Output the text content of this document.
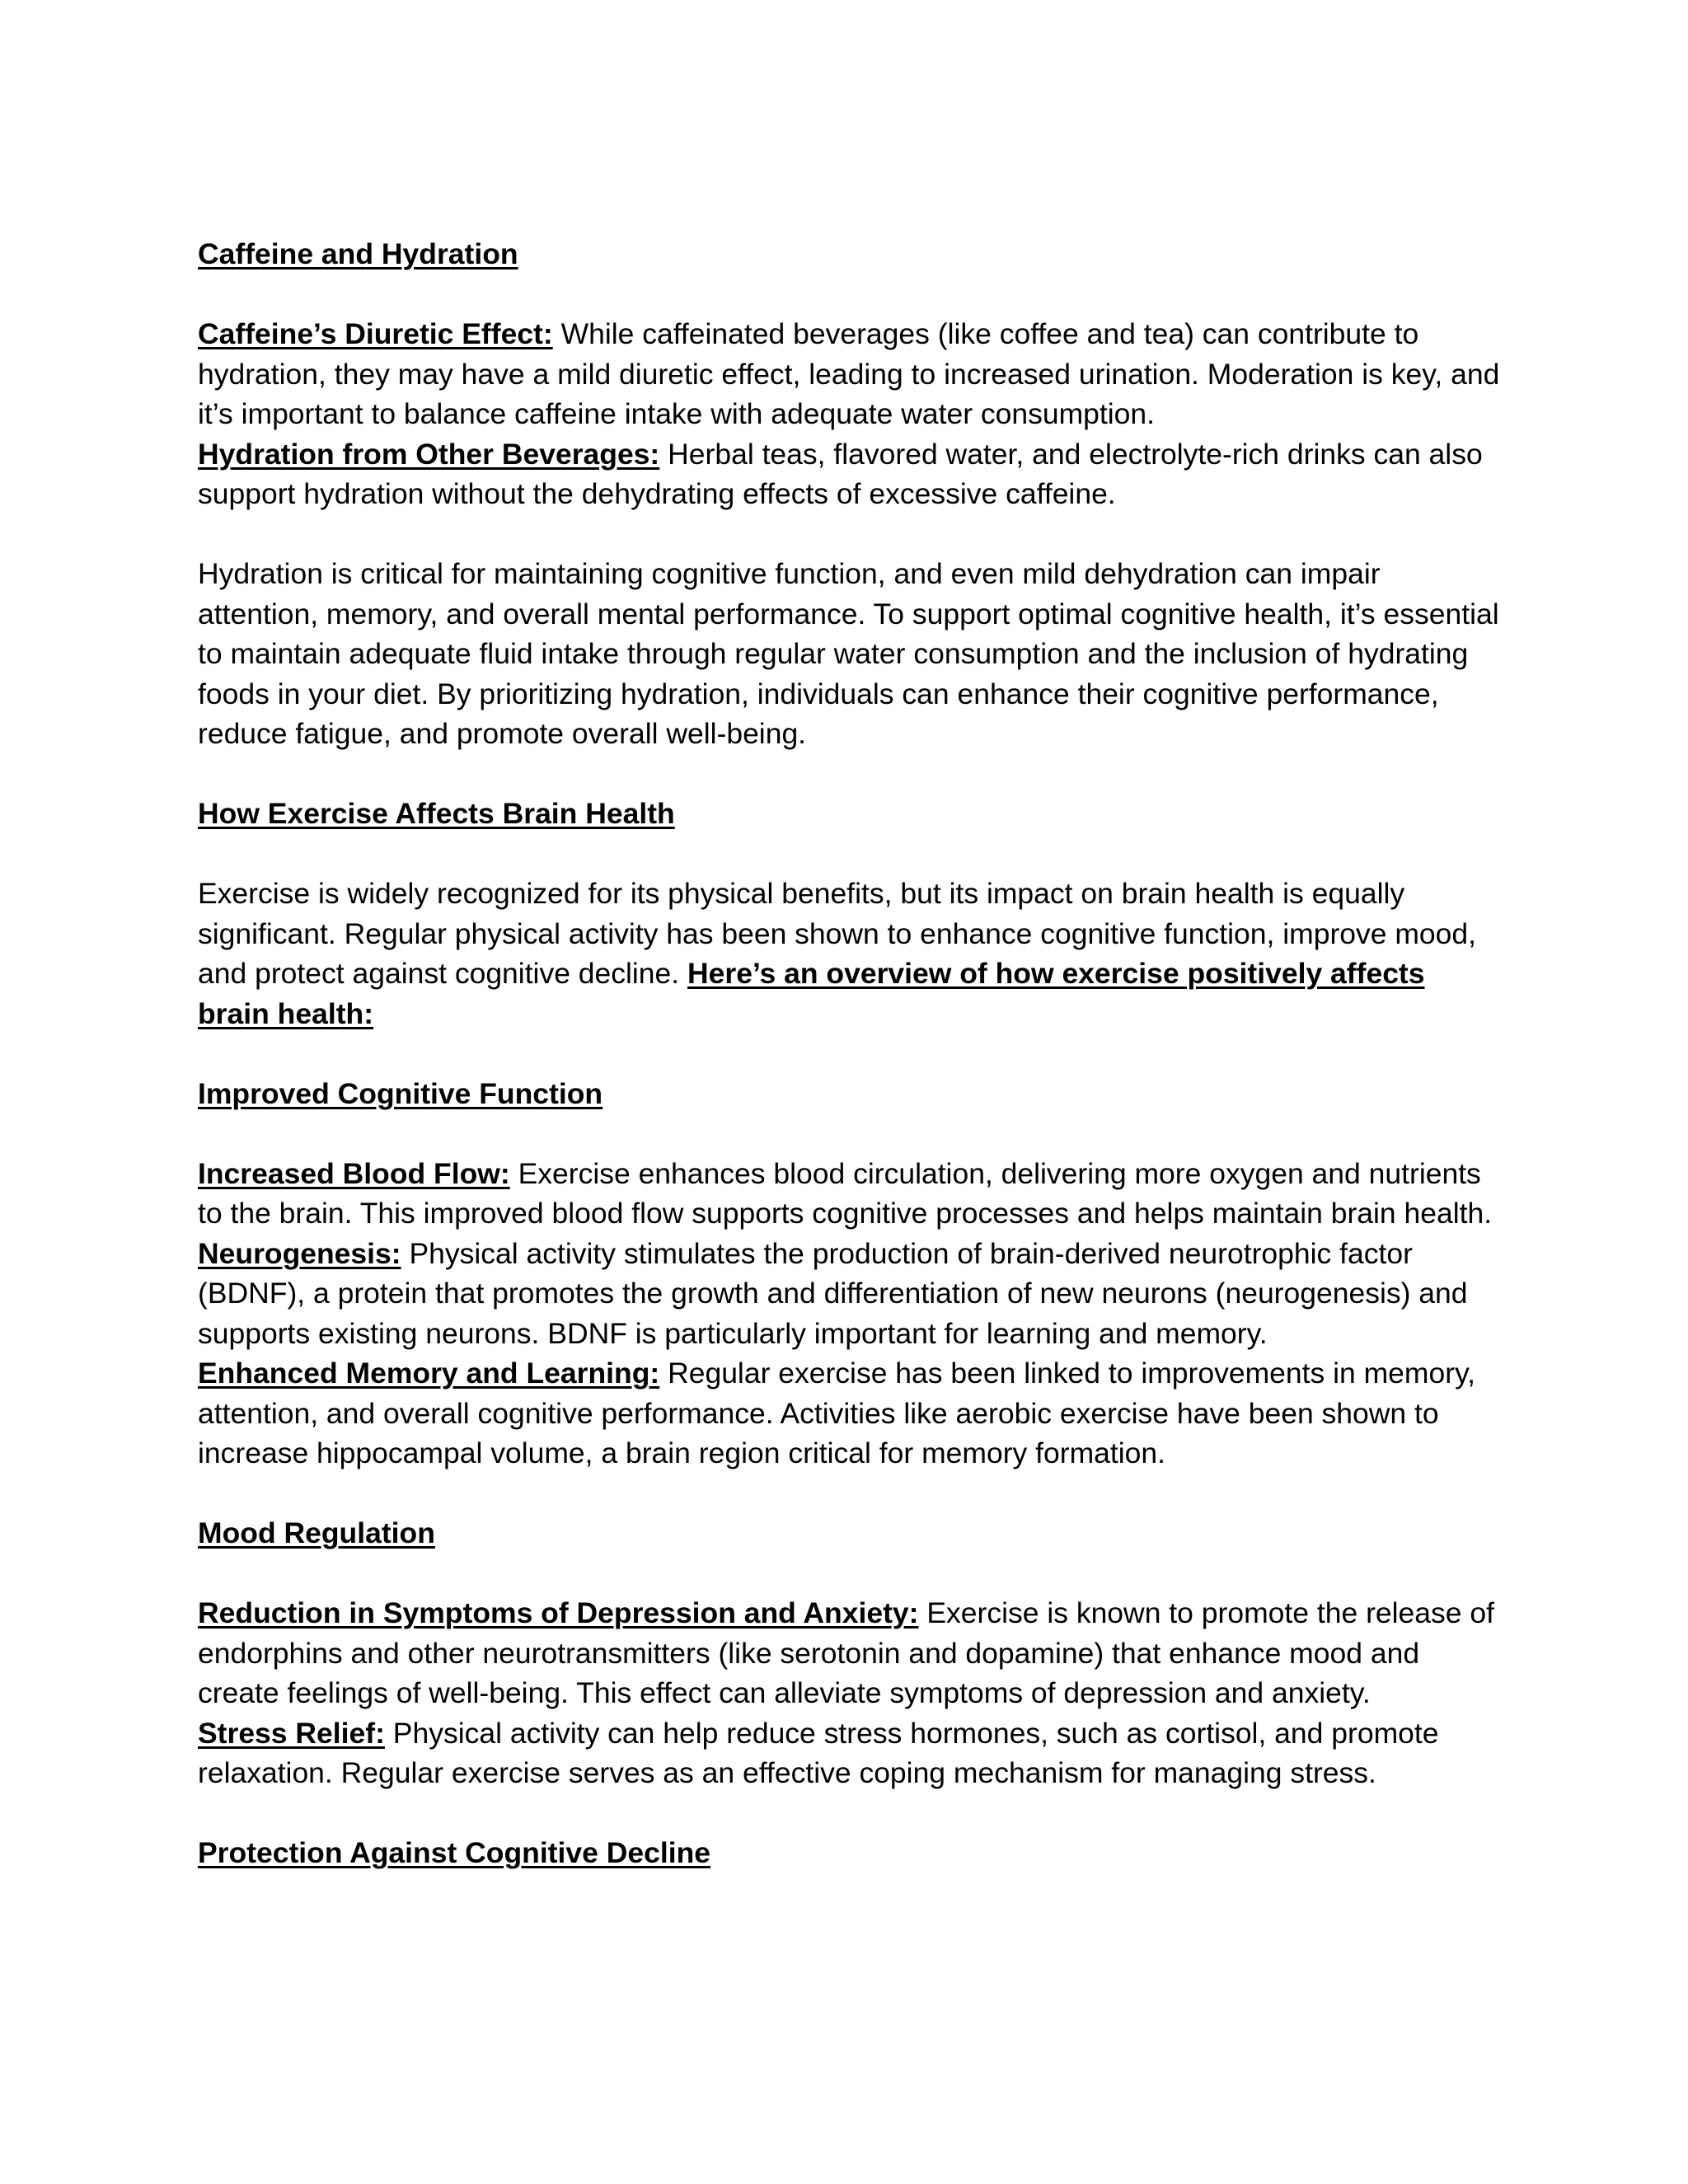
Caffeine and Hydration

Caffeine’s Diuretic Effect: While caffeinated beverages (like coffee and tea) can contribute to hydration, they may have a mild diuretic effect, leading to increased urination. Moderation is key, and it’s important to balance caffeine intake with adequate water consumption.

Hydration from Other Beverages: Herbal teas, flavored water, and electrolyte-rich drinks can also support hydration without the dehydrating effects of excessive caffeine.

Hydration is critical for maintaining cognitive function, and even mild dehydration can impair attention, memory, and overall mental performance. To support optimal cognitive health, it’s essential to maintain adequate fluid intake through regular water consumption and the inclusion of hydrating foods in your diet. By prioritizing hydration, individuals can enhance their cognitive performance, reduce fatigue, and promote overall well-being.

How Exercise Affects Brain Health

Exercise is widely recognized for its physical benefits, but its impact on brain health is equally significant. Regular physical activity has been shown to enhance cognitive function, improve mood, and protect against cognitive decline. Here’s an overview of how exercise positively affects brain health:

Improved Cognitive Function

Increased Blood Flow: Exercise enhances blood circulation, delivering more oxygen and nutrients to the brain. This improved blood flow supports cognitive processes and helps maintain brain health.

Neurogenesis: Physical activity stimulates the production of brain-derived neurotrophic factor (BDNF), a protein that promotes the growth and differentiation of new neurons (neurogenesis) and supports existing neurons. BDNF is particularly important for learning and memory.

Enhanced Memory and Learning: Regular exercise has been linked to improvements in memory, attention, and overall cognitive performance. Activities like aerobic exercise have been shown to increase hippocampal volume, a brain region critical for memory formation.

Mood Regulation

Reduction in Symptoms of Depression and Anxiety: Exercise is known to promote the release of endorphins and other neurotransmitters (like serotonin and dopamine) that enhance mood and create feelings of well-being. This effect can alleviate symptoms of depression and anxiety.

Stress Relief: Physical activity can help reduce stress hormones, such as cortisol, and promote relaxation. Regular exercise serves as an effective coping mechanism for managing stress.

Protection Against Cognitive Decline
